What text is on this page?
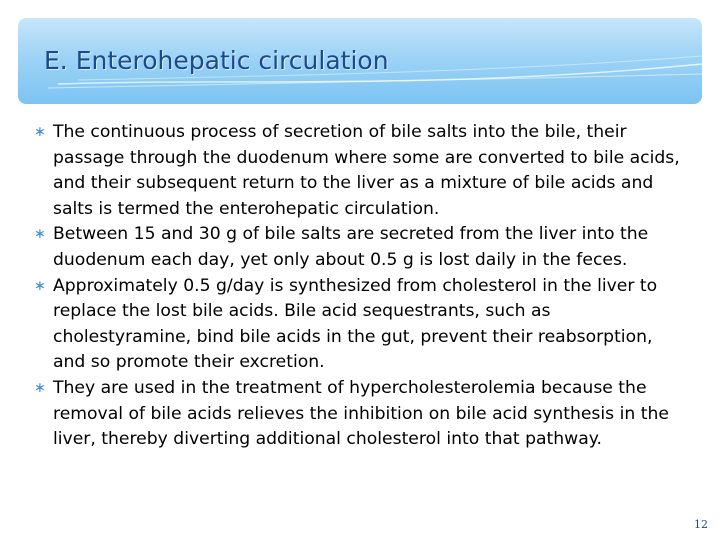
E. Enterohepatic circulation
∗ The continuous process of secretion of bile salts into the bile, their passage through the duodenum where some are converted to bile acids, and their subsequent return to the liver as a mixture of bile acids and salts is termed the enterohepatic circulation.
∗ Between 15 and 30 g of bile salts are secreted from the liver into the duodenum each day, yet only about 0.5 g is lost daily in the feces.
∗ Approximately 0.5 g/day is synthesized from cholesterol in the liver to replace the lost bile acids. Bile acid sequestrants, such as cholestyramine, bind bile acids in the gut, prevent their reabsorption, and so promote their excretion.
∗ They are used in the treatment of hypercholesterolemia because the removal of bile acids relieves the inhibition on bile acid synthesis in the liver, thereby diverting additional cholesterol into that pathway.
12
